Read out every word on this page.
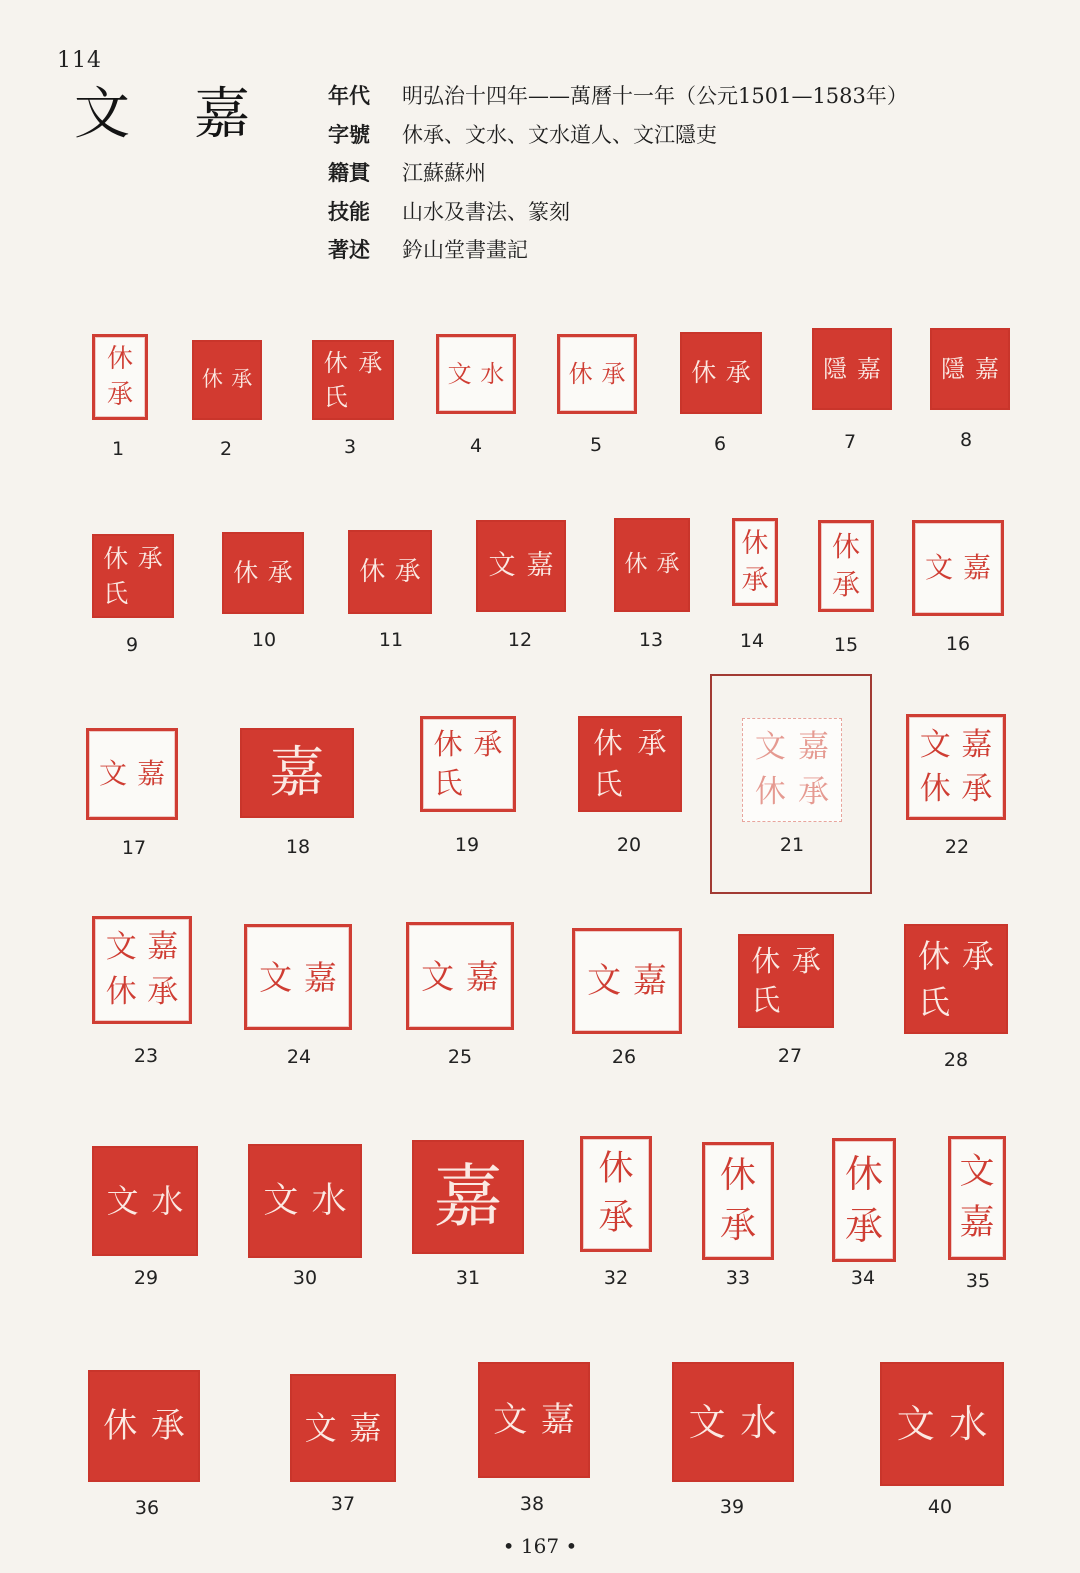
114
文嘉 年代	明弘治十四年——萬曆十一年（公元1501—1583年）
字號	休承、文水、文水道人、文江隱吏
籍貫	江蘇蘇州
技能	山水及書法、篆刻
著述	鈐山堂書畫記
休
承
1
休 承
2
休 承
氏
3
文 水
4
休 承
5
休 承
6
隱 嘉
7
隱 嘉
8
休 承
氏
9
休 承
10
休 承
11
文 嘉
12
休 承
13
休
承
14
休
承
15
文 嘉
16
文 嘉
17
嘉
18
休 承
氏
19
休 承
氏
20
文 嘉
休 承
21
文 嘉
休 承
22
文 嘉
休 承
23
文 嘉
24
文 嘉
25
文 嘉
26
休 承
氏
27
休 承
氏
28
文 水
29
文 水
30
嘉
31
休
承
32
休
承
33
休
承
34
文
嘉
35
休 承
36
文 嘉
37
文 嘉
38
文 水
39
文 水
40
• 167 •
